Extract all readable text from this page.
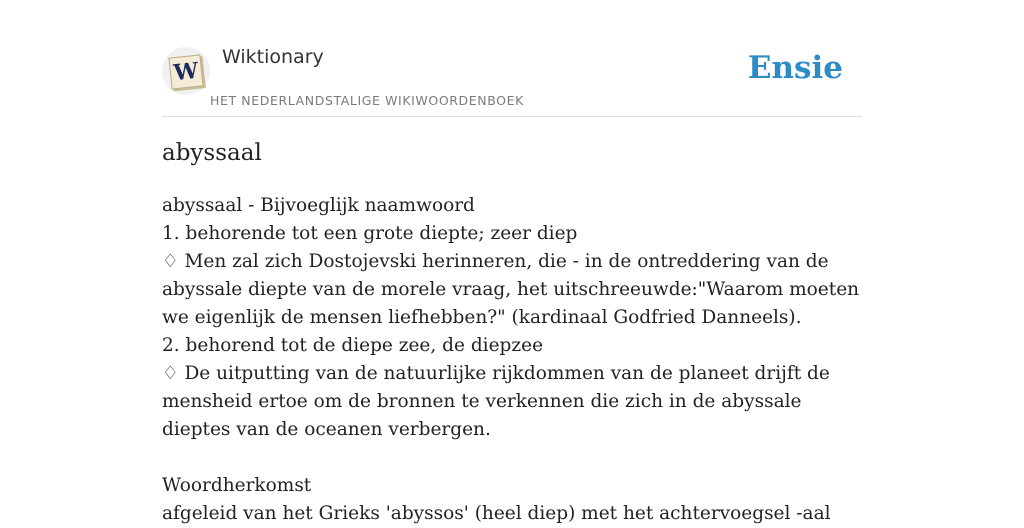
W
Wiktionary
HET NEDERLANDSTALIGE WIKIWOORDENBOEK
Ensie
abyssaal
abyssaal - Bijvoeglijk naamwoord
1. behorende tot een grote diepte; zeer diep
♢ Men zal zich Dostojevski herinneren, die - in de ontreddering van de abyssale diepte van de morele vraag, het uitschreeuwde:"Waarom moeten we eigenlijk de mensen liefhebben?" (kardinaal Godfried Danneels).
2. behorend tot de diepe zee, de diepzee
♢ De uitputting van de natuurlijke rijkdommen van de planeet drijft de mensheid ertoe om de bronnen te verkennen die zich in de abyssale dieptes van de oceanen verbergen.
Woordherkomst
afgeleid van het Grieks 'abyssos' (heel diep) met het achtervoegsel -aal
